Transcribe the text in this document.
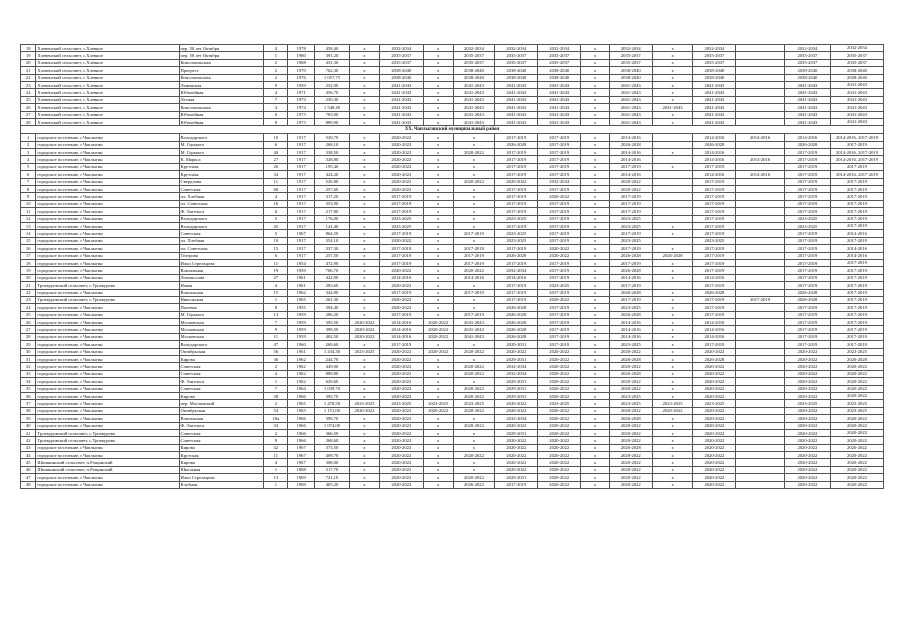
18	Хлевенский сельсовет, с.Хлевное	пер. 50 лет Октября	4	1978	458,40	x	2032-2034	x	2032-2034	2032-2034	2032-2034	x	2032-2034	x	2032-2034		2032-2034	2032-2034
19	Хлевенский сельсовет, с.Хлевное	пер. 50 лет Октября	1	1980	391,20	x	2035-2037	x	2035-2037	2035-2037	2035-2037	x	2035-2037	x	2035-2037		2035-2037	2035-2037
20	Хлевенский сельсовет, с.Хлевное	Комсомольская	2	1968	431,30	x	2035-2037	x	2035-2037	2035-2037	2035-2037	x	2035-2037	x	2035-2037		2035-2037	2035-2037
21	Хлевенский сельсовет, с.Хлевное	Прогресс	2	1970	762,30	x	2038-2040	x	2038-2040	2038-2040	2038-2040	x	2038-2040	x	2038-2040		2038-2040	2038-2040
22	Хлевенский сельсовет, с.Хлевное	Комсомольская	2	1976	1 057,75	x	2038-2040	x	2038-2040	2038-2040	2038-2040	x	2038-2040	x	2038-2040		2038-2040	2038-2040
23	Хлевенский сельсовет, с.Хлевное	Ленинская	9	1959	252,90	x	2041-2043	x	2041-2043	2041-2043	2041-2043	x	2041-2043	x	2041-2043		2041-2043	2041-2043
24	Хлевенский сельсовет, с.Хлевное	Юбилейная	4	1971	456,70	x	2041-2043	x	2041-2043	2041-2043	2041-2043	x	2041-2043	x	2041-2043		2041-2043	2041-2043
25	Хлевенский сельсовет, с.Хлевное	Лесная	7	1973	250,30	x	2041-2043	x	2041-2043	2041-2043	2041-2043	x	2041-2043	x	2041-2043		2041-2043	2041-2043
26	Хлевенский сельсовет, с.Хлевное	Комсомольская	4	1974	1 548,40	x	2041-2043	x	2041-2043	2041-2043	2041-2043	x	2041-2043	2041-2043	2041-2043		2041-2043	2041-2043
27	Хлевенский сельсовет, с.Хлевное	Юбилейная	6	1975	783,00	x	2041-2043	x	2041-2043	2041-2043	2041-2043	x	2041-2043	x	2041-2043		2041-2043	2041-2043
28	Хлевенский сельсовет, с.Хлевное	Юбилейная	8	1975	889,90	x	2041-2043	x	2041-2043	2041-2043	2041-2043	x	2041-2043	x	2041-2043		2041-2043	2041-2043
XX. Чаплыгинский муниципальный район																		
1	городское поселение, г.Чаплыгин	Володарского	10	1917	529,70	x	2020-2022	x	x	2017-2019	2017-2019	x	2014-2016		2014-2016	2014-2016	2014-2016	2014-2016, 2017-2019
2	городское поселение, г.Чаплыгин	М. Горького	6	1917	268,10	x	2020-2022	x	x	2026-2028	2017-2019	x	2026-2028		2026-2028		2026-2028	2017-2019
3	городское поселение, г.Чаплыгин	М. Горького	40	1917	338,50	x	2020-2022	x	2020-2022	2017-2019	2017-2019	x	2014-2016	x	2014-2016		2017-2019	2014-2016, 2017-2019
4	городское поселение, г.Чаплыгин	К. Маркса	27	1917	328,80	x	2020-2022	x	x	2017-2019	2017-2019	x	2014-2016		2014-2016	2014-2016	2017-2019	2014-2016, 2017-2019
5	городское поселение, г.Чаплыгин	Крутская	26	1917	195,40	x	2020-2022	x	x	2017-2019	2017-2019	x	2017-2019	x	2017-2019		2017-2019	2017-2019
6	городское поселение, г.Чаплыгин	Крутская	34	1917	424,20	x	2020-2022	x	x	2017-2019	2017-2019	x	2014-2016		2014-2016	2014-2016	2017-2019	2014-2016, 2017-2019
7	городское поселение, г.Чаплыгин	Свердлова	11	1917	526,80	x	2020-2022	x	2020-2022	2020-2022	2032-2034	x	2020-2022		2017-2019		2017-2019	2017-2019
8	городское поселение, г.Чаплыгин	Советская	68	1917	257,60	x	2020-2022	x	x	2017-2019	2017-2019	x	2020-2022		2017-2019		2017-2019	2017-2019
9	городское поселение, г.Чаплыгин	пл. Хлебная	4	1917	317,20	x	2017-2019	x	x	2017-2019	2020-2022	x	2017-2019		2017-2019		2017-2019	2017-2019
10	городское поселение, г.Чаплыгин	пл. Советская	16	1917	353,90	x	2017-2019	x	x	2017-2019	2017-2019	x	2017-2019		2017-2019		2017-2019	2017-2019
11	городское поселение, г.Чаплыгин	Ф. Энгельса	6	1917	217,80	x	2017-2019	x	x	2017-2019	2017-2019	x	2017-2019		2017-2019		2017-2019	2017-2019
12	городское поселение, г.Чаплыгин	Володарского	5	1917	176,00	x	2023-2025	x	x	2023-2025	2017-2019	x	2023-2025		2017-2019		2023-2025	2017-2019
13	городское поселение, г.Чаплыгин	Володарского	45	1917	141,40	x	2023-2025	x	x	2017-2019	2017-2019	x	2023-2025	x	2017-2019		2023-2025	2017-2019
14	городское поселение, г.Чаплыгин	Советская	5	1967	864,50	x	2017-2019	x	2017-2019	2023-2025	2017-2019	x	2017-2019	x	2017-2019		2017-2019	2014-2016
15	городское поселение, г.Чаплыгин	пл. Хлебная	10	1917	354,10	x	2020-2022	x	x	2023-2025	2017-2019	x	2023-2025		2023-2025		2017-2019	2017-2019
16	городское поселение, г.Чаплыгин	пл. Советская	15	1917	337,30	x	2017-2019	x	2017-2019	2017-2019	2020-2022	x	2017-2019	x	2017-2019		2017-2019	2014-2016
17	городское поселение, г.Чаплыгин	Театрова	6	1917	257,50	x	2017-2019	x	2017-2019	2026-2028	2020-2022	x	2026-2028	2026-2028	2017-2019		2017-2019	2014-2016
18	городское поселение, г.Чаплыгин	Ильи Стрельцова	11	1954	472,90	x	2017-2019	x	2017-2019	2017-2019	2017-2019	x	2017-2019	x	2017-2019		2017-2019	2017-2019
19	городское поселение, г.Чаплыгин	Вокзальная	19	1959	706,70	x	2020-2022	x	2020-2022	2032-2034	2017-2019	x	2026-2028	x	2017-2019		2017-2019	2017-2019
20	городское поселение, г.Чаплыгин	Ломоносова	27	1961	422,90	x	2014-2016	x	2014-2016	2014-2016	2017-2019	x	2014-2016	x	2014-2016		2017-2019	2017-2019
21	Троекуровский сельсовет, с.Троекурово	Новая	4	1961	283,60	x	2020-2022	x	x	2017-2019	2023-2025	x	2017-2019		2017-2019		2017-2019	2017-2019
22	городское поселение, г.Чаплыгин	Вокзальная	15	1962	344,80	x	2017-2019	x	2017-2019	2017-2019	2017-2019	x	2026-2028	x	2026-2028		2026-2028	2017-2019
23	Троекуровский сельсовет, с.Троекурово	Никольская	1	1965	261,30	x	2020-2022	x	x	2017-2019	2020-2022	x	2017-2019	x	2017-2019	2017-2019	2026-2028	2017-2019
24	городское поселение, г.Чаплыгин	Полевая	8	1955	394,40	x	2020-2022	x	x	2026-2028	2017-2019	x	2023-2025	x	2017-2019		2017-2019	2017-2019
25	городское поселение, г.Чаплыгин	М. Горького	13	1959	286,20	x	2017-2019	x	2017-2019	2026-2028	2017-2019	x	2026-2028	x	2017-2019		2017-2019	2017-2019
26	городское поселение, г.Чаплыгин	Московская	7	1959	395,50	2020-2022	2014-2016	2020-2022	2041-2043	2026-2028	2017-2019	x	2014-2016	x	2014-2016		2017-2019	2017-2019
27	городское поселение, г.Чаплыгин	Московская	9	1959	399,50	2020-2022	2014-2016	2020-2022	2041-2043	2026-2028	2017-2019	x	2014-2016	x	2014-2016		2017-2019	2017-2019
28	городское поселение, г.Чаплыгин	Московская	11	1959	402,50	2020-2022	2014-2016	2020-2022	2041-2043	2026-2028	2017-2019	x	2014-2016	x	2014-2016		2017-2019	2017-2019
29	городское поселение, г.Чаплыгин	Володарского	47	1960	269,60	x	2017-2019	x	x	2029-2031	2017-2019	x	2023-2025	x	2017-2019		2017-2019	2017-2019
30	городское поселение, г.Чаплыгин	Октябрьская	56	1961	1 434,30	2023-2025	2020-2022	2020-2022	2020-2022	2020-2022	2020-2022	x	2020-2022	x	2020-2022		2020-2022	2023-2025
31	городское поселение, г.Чаплыгин	Кирова	36	1962	244,70	x	2020-2022	x	x	2029-2031	2020-2022	x	2026-2028	x	2026-2028		2020-2022	2026-2028
32	городское поселение, г.Чаплыгин	Советская	2	1962	449,00	x	2020-2022	x	2020-2022	2032-2034	2020-2022	x	2020-2022	x	2020-2022		2020-2022	2020-2022
33	городское поселение, г.Чаплыгин	Советская	4	1962	889,80	x	2020-2022	x	2020-2022	2032-2034	2020-2022	x	2026-2028	x	2020-2022		2020-2022	2020-2022
34	городское поселение, г.Чаплыгин	Ф. Энгельса	1	1962	629,60	x	2020-2022	x	x	2029-2031	2020-2022	x	2020-2022	x	2020-2022		2020-2022	2020-2022
35	городское поселение, г.Чаплыгин	Советская	7	1964	1 039,70	x	2020-2022	x	2020-2022	2029-2031	2020-2022	x	2020-2022	x	2020-2022		2020-2022	2020-2022
36	городское поселение, г.Чаплыгин	Кирова	38	1966	392,70	x	2020-2022	x	2020-2022	2029-2031	2020-2022	x	2023-2025	x	2020-2022		2020-2022	2020-2022
37	городское поселение, г.Чаплыгин	пер. Маслинский	2	1965	1 478,50	2023-2025	2023-2025	2023-2025	2023-2025	2020-2022	2023-2025	x	2023-2025	2023-2025	2023-2025		2023-2025	2023-2025
38	городское поселение, г.Чаплыгин	Октябрьская	54	1965	1 151,00	2020-2022	2020-2022	2020-2022	2020-2022	2020-2022	2020-2022	x	2020-2022	2020-2022	2020-2022		2020-2022	2023-2025
39	городское поселение, г.Чаплыгин	Вокзальная	18a	1966	399,70	x	2020-2022	x	x	2032-2034	2020-2022	x	2026-2028	x	2020-2022		2020-2022	2020-2022
40	городское поселение, г.Чаплыгин	Ф. Энгельса	33	1966	1 074,00	x	2020-2022	x	2020-2022	2020-2022	2020-2022	x	2020-2022	x	2020-2022		2020-2022	2020-2022
41	Троекуровский сельсовет, с.Троекурово	Советская	2	1966	366,50	x	2020-2022	x	x	2029-2031	2020-2022	x	2020-2022	x	2020-2022		2020-2022	2020-2022
42	Троекуровский сельсовет, с.Троекурово	Советская	9	1966	368,60	x	2020-2022	x	x	2020-2022	2020-2022	x	2020-2022	x	2020-2022		2020-2022	2020-2022
43	городское поселение, г.Чаплыгин	Кирова	42	1967	373,50	x	2020-2022	x	x	2020-2022	2020-2022	x	2026-2028	x	2020-2022		2020-2022	2020-2022
44	городское поселение, г.Чаплыгин	Крутская	11	1967	409,70	x	2020-2022	x	2020-2022	2020-2022	2020-2022	x	2020-2022	x	2020-2022		2020-2022	2020-2022
45	Шишкинский сельсовет, п.Рощинский	Кирова	4	1967	308,00	x	2020-2022	x	x	2020-2022	2020-2022	x	2020-2022	x	2020-2022		2020-2022	2020-2022
46	Шишкинский сельсовет, п.Рощинский	Школьная	1	1968	317,70	x	2020-2022	x	x	2020-2022	2020-2022	x	2020-2022	x	2020-2022		2020-2022	2020-2022
47	городское поселение, г.Чаплыгин	Ильи Стрельцова	13	1969	721,10	x	2020-2022	x	2020-2022	2029-2031	2020-2022	x	2020-2022	x	2020-2022		2020-2022	2020-2022
48	городское поселение, г.Чаплыгин	Клубная	1	1969	405,20	x	2020-2022	x	2026-2022	2017-2019	2020-2022	x	2020-2022	x	2020-2022		2020-2022	2020-2022
